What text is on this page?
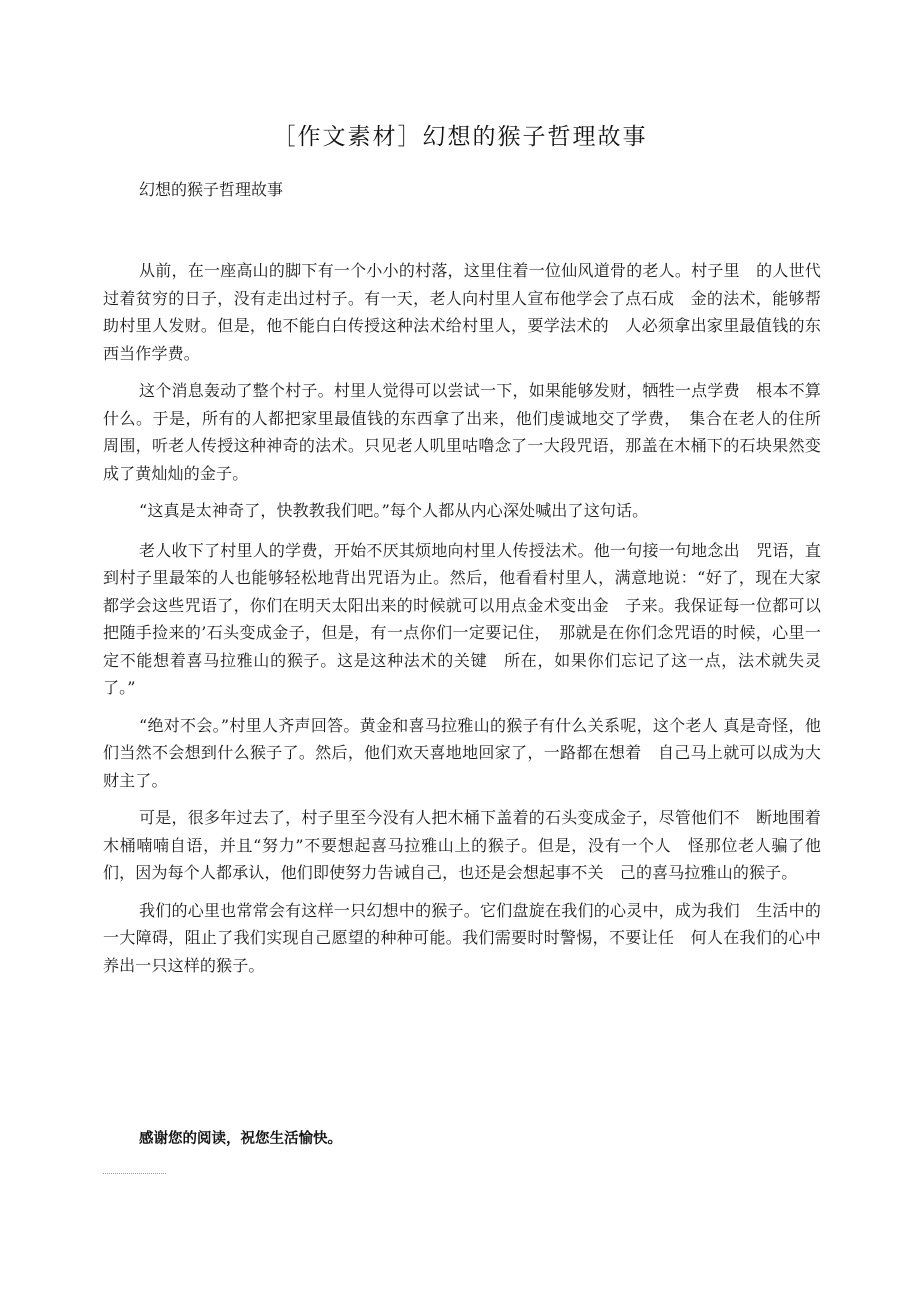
［作文素材］幻想的猴子哲理故事

幻想的猴子哲理故事

从前，在一座高山的脚下有一个小小的村落，这里住着一位仙风道骨的老人。村子里　的人世代过着贫穷的日子，没有走出过村子。有一天，老人向村里人宣布他学会了点石成　金的法术，能够帮助村里人发财。但是，他不能白白传授这种法术给村里人，要学法术的　人必须拿出家里最值钱的东西当作学费。

这个消息轰动了整个村子。村里人觉得可以尝试一下，如果能够发财，牺牲一点学费　根本不算什么。于是，所有的人都把家里最值钱的东西拿了出来，他们虔诚地交了学费，　集合在老人的住所周围，听老人传授这种神奇的法术。只见老人叽里咕噜念了一大段咒语，那盖在木桶下的石块果然变成了黄灿灿的金子。

“这真是太神奇了，快教教我们吧。”每个人都从内心深处喊出了这句话。

老人收下了村里人的学费，开始不厌其烦地向村里人传授法术。他一句接一句地念出　咒语，直到村子里最笨的人也能够轻松地背出咒语为止。然后，他看看村里人，满意地说：“好了，现在大家都学会这些咒语了，你们在明天太阳出来的时候就可以用点金术变出金　子来。我保证每一位都可以把随手捡来的’石头变成金子，但是，有一点你们一定要记住，　那就是在你们念咒语的时候，心里一定不能想着喜马拉雅山的猴子。这是这种法术的关键　所在，如果你们忘记了这一点，法术就失灵了。”

“绝对不会。”村里人齐声回答。黄金和喜马拉雅山的猴子有什么关系呢，这个老人 真是奇怪，他们当然不会想到什么猴子了。然后，他们欢天喜地地回家了，一路都在想着　自己马上就可以成为大财主了。

可是，很多年过去了，村子里至今没有人把木桶下盖着的石头变成金子，尽管他们不　断地围着木桶喃喃自语，并且“努力”不要想起喜马拉雅山上的猴子。但是，没有一个人　怪那位老人骗了他们，因为每个人都承认，他们即使努力告诫自己，也还是会想起事不关　己的喜马拉雅山的猴子。

我们的心里也常常会有这样一只幻想中的猴子。它们盘旋在我们的心灵中，成为我们　生活中的一大障碍，阻止了我们实现自己愿望的种种可能。我们需要时时警惕，不要让任　何人在我们的心中养出一只这样的猴子。

感谢您的阅读，祝您生活愉快。
